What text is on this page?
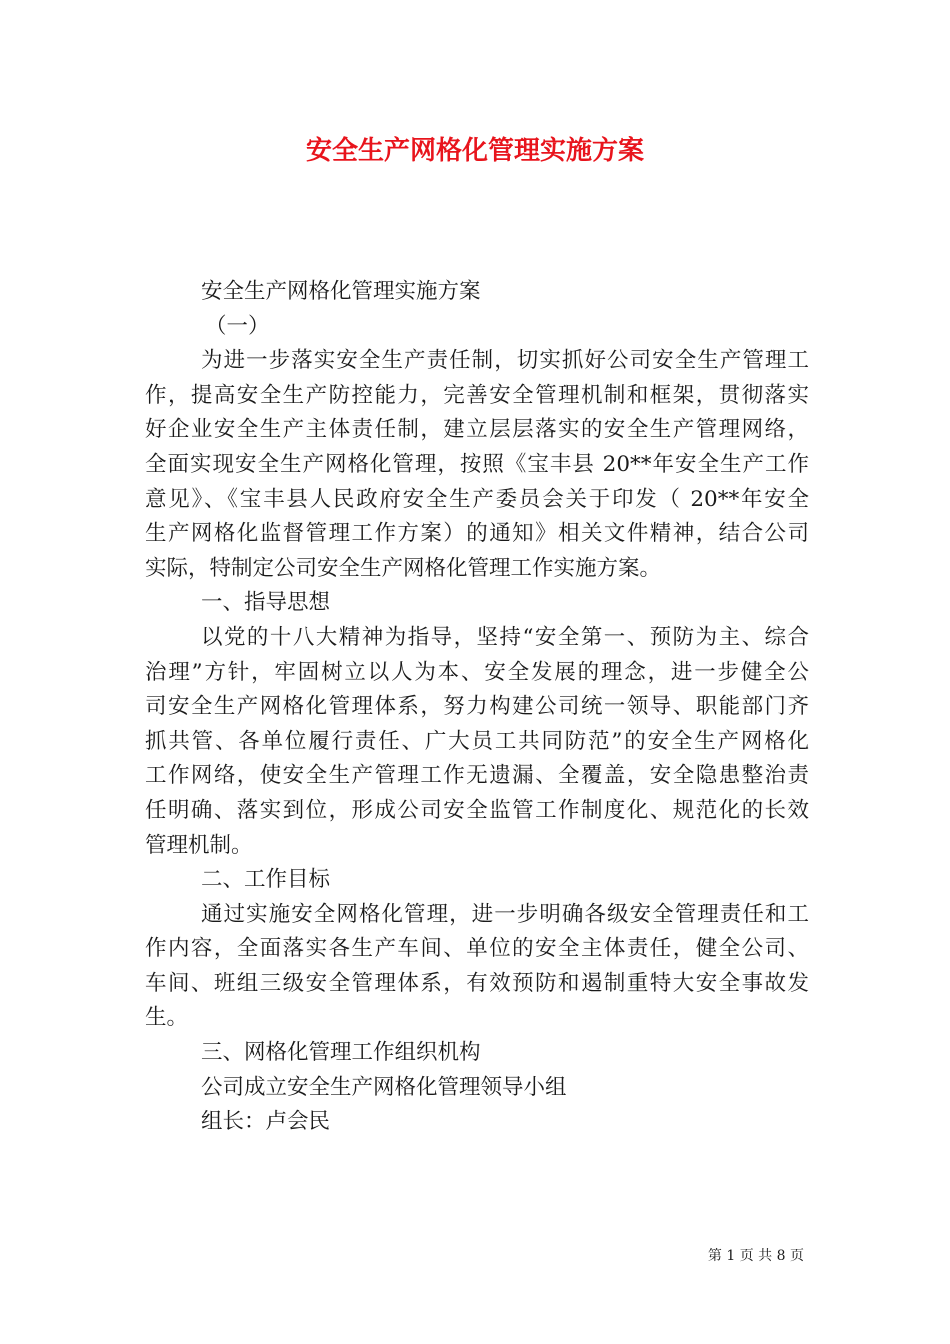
安全生产网格化管理实施方案
安全生产网格化管理实施方案
（一）
为进一步落实安全生产责任制，切实抓好公司安全生产管理工
作，提高安全生产防控能力，完善安全管理机制和框架，贯彻落实
好企业安全生产主体责任制，建立层层落实的安全生产管理网络，
全面实现安全生产网格化管理，按照《宝丰县 20**年安全生产工作
意见》、《宝丰县人民政府安全生产委员会关于印发（ 20**年安全
生产网格化监督管理工作方案）的通知》相关文件精神，结合公司
实际，特制定公司安全生产网格化管理工作实施方案。
一、指导思想
以党的十八大精神为指导，坚持“安全第一、预防为主、综合
治理”方针，牢固树立以人为本、安全发展的理念，进一步健全公
司安全生产网格化管理体系，努力构建公司统一领导、职能部门齐
抓共管、各单位履行责任、广大员工共同防范”的安全生产网格化
工作网络，使安全生产管理工作无遗漏、全覆盖，安全隐患整治责
任明确、落实到位，形成公司安全监管工作制度化、规范化的长效
管理机制。
二、工作目标
通过实施安全网格化管理，进一步明确各级安全管理责任和工
作内容，全面落实各生产车间、单位的安全主体责任，健全公司、
车间、班组三级安全管理体系，有效预防和遏制重特大安全事故发
生。
三、网格化管理工作组织机构
公司成立安全生产网格化管理领导小组
组长：卢会民
第 1 页 共 8 页
